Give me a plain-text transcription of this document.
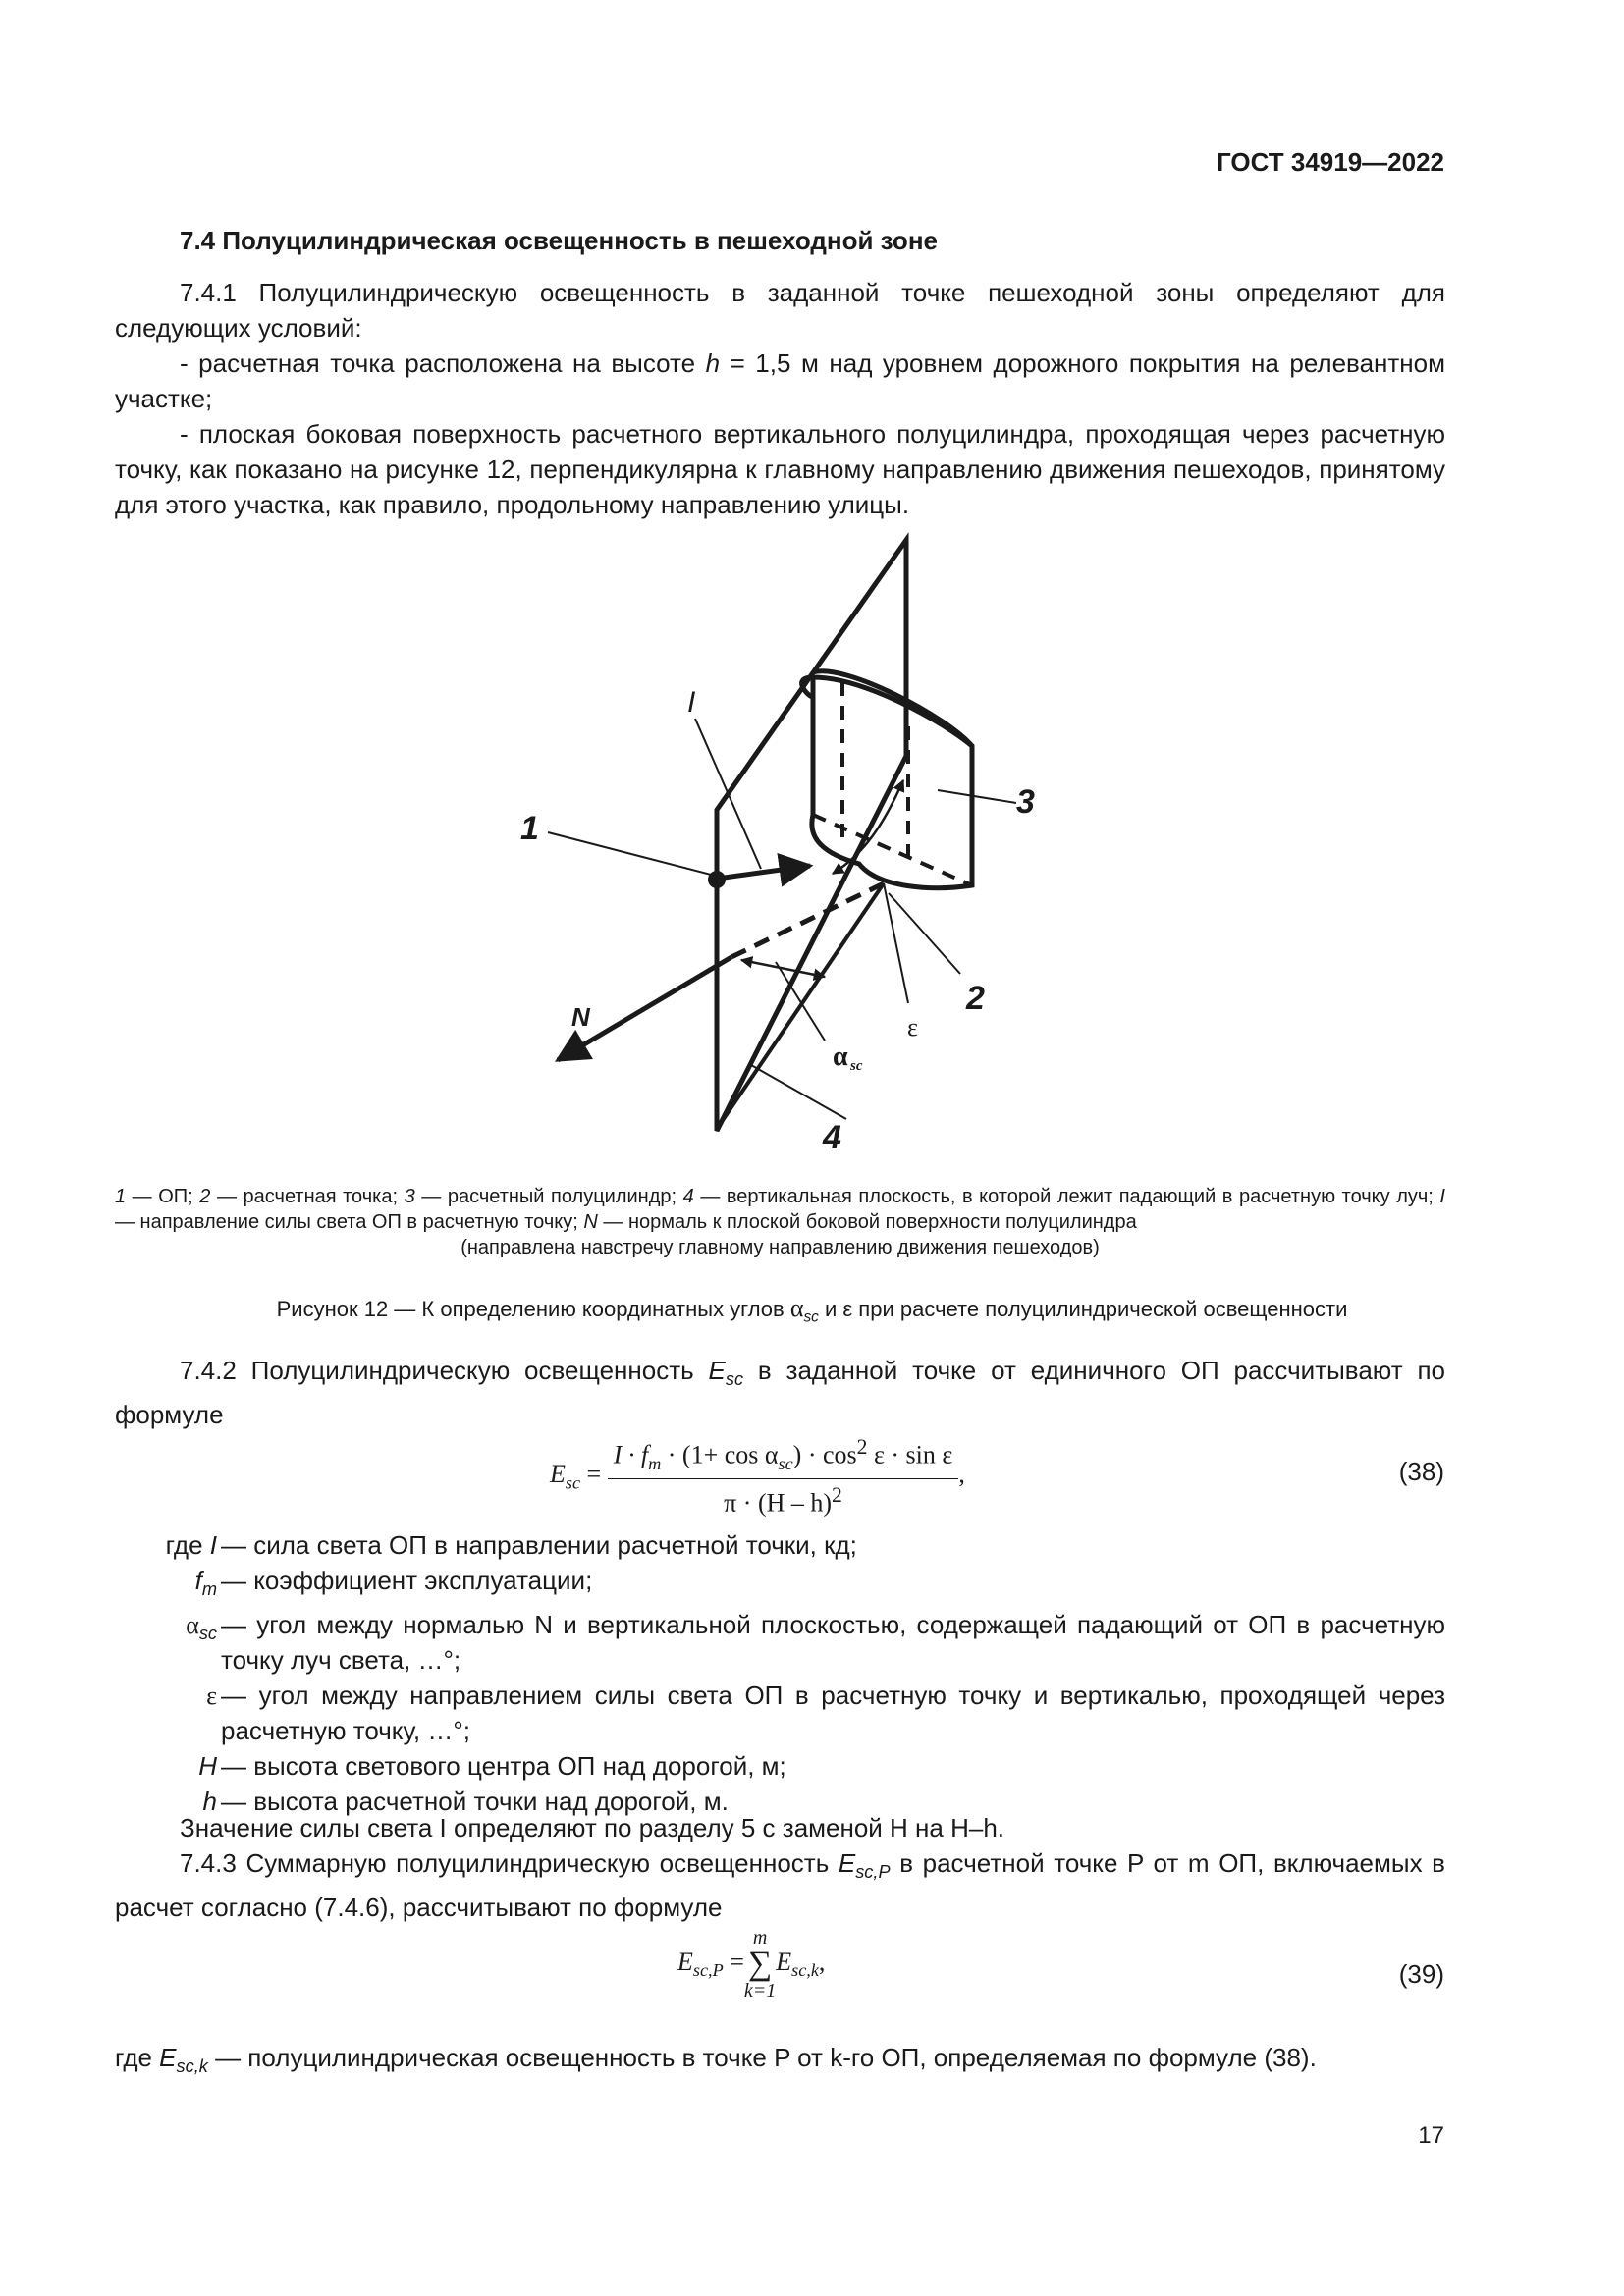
ГОСТ 34919—2022
7.4 Полуцилиндрическая освещенность в пешеходной зоне
7.4.1 Полуцилиндрическую освещенность в заданной точке пешеходной зоны определяют для следующих условий:
- расчетная точка расположена на высоте h = 1,5 м над уровнем дорожного покрытия на релевантном участке;
- плоская боковая поверхность расчетного вертикального полуцилиндра, проходящая через расчетную точку, как показано на рисунке 12, перпендикулярна к главному направлению движения пешеходов, принятому для этого участка, как правило, продольному направлению улицы.
1
2
3
4
I
N	ε
α sc
1 — ОП; 2 — расчетная точка; 3 — расчетный полуцилиндр; 4 — вертикальная плоскость, в которой лежит падающий в расчетную точку луч; I — направление силы света ОП в расчетную точку; N — нормаль к плоской боковой поверхности полуцилиндра
(направлена навстречу главному направлению движения пешеходов)
Рисунок 12 — К определению координатных углов $\alpha_{sc}$ и ε при расчете полуцилиндрической освещенности
7.4.2 Полуцилиндрическую освещенность $E_{sc}$ в заданной точке от единичного ОП рассчитывают по формуле
$E_{sc} = \frac{I \cdot f_m \cdot (1+ \cos \alpha_{sc}) \cdot \cos^2 \varepsilon \cdot \sin \varepsilon}{\pi \cdot (H - h)^2}$ ,	(38)
где I — сила света ОП в направлении расчетной точки, кд;
$f_m$ — коэффициент эксплуатации;
$\alpha_{sc}$ — угол между нормалью N и вертикальной плоскостью, содержащей падающий от ОП в расчетную точку луч света, …°;
ε — угол между направлением силы света ОП в расчетную точку и вертикалью, проходящей через расчетную точку, …°;
H — высота светового центра ОП над дорогой, м;
h — высота расчетной точки над дорогой, м.
Значение силы света I определяют по разделу 5 с заменой H на H–h.
7.4.3 Суммарную полуцилиндрическую освещенность $E_{sc,P}$ в расчетной точке P от m ОП, включаемых в расчет согласно (7.4.6), рассчитывают по формуле
$E_{sc,P}$ =
m
∑
k=1
$E_{sc,k}$,	(39)
где $E_{sc,k}$ — полуцилиндрическая освещенность в точке P от k-го ОП, определяемая по формуле (38).
17
